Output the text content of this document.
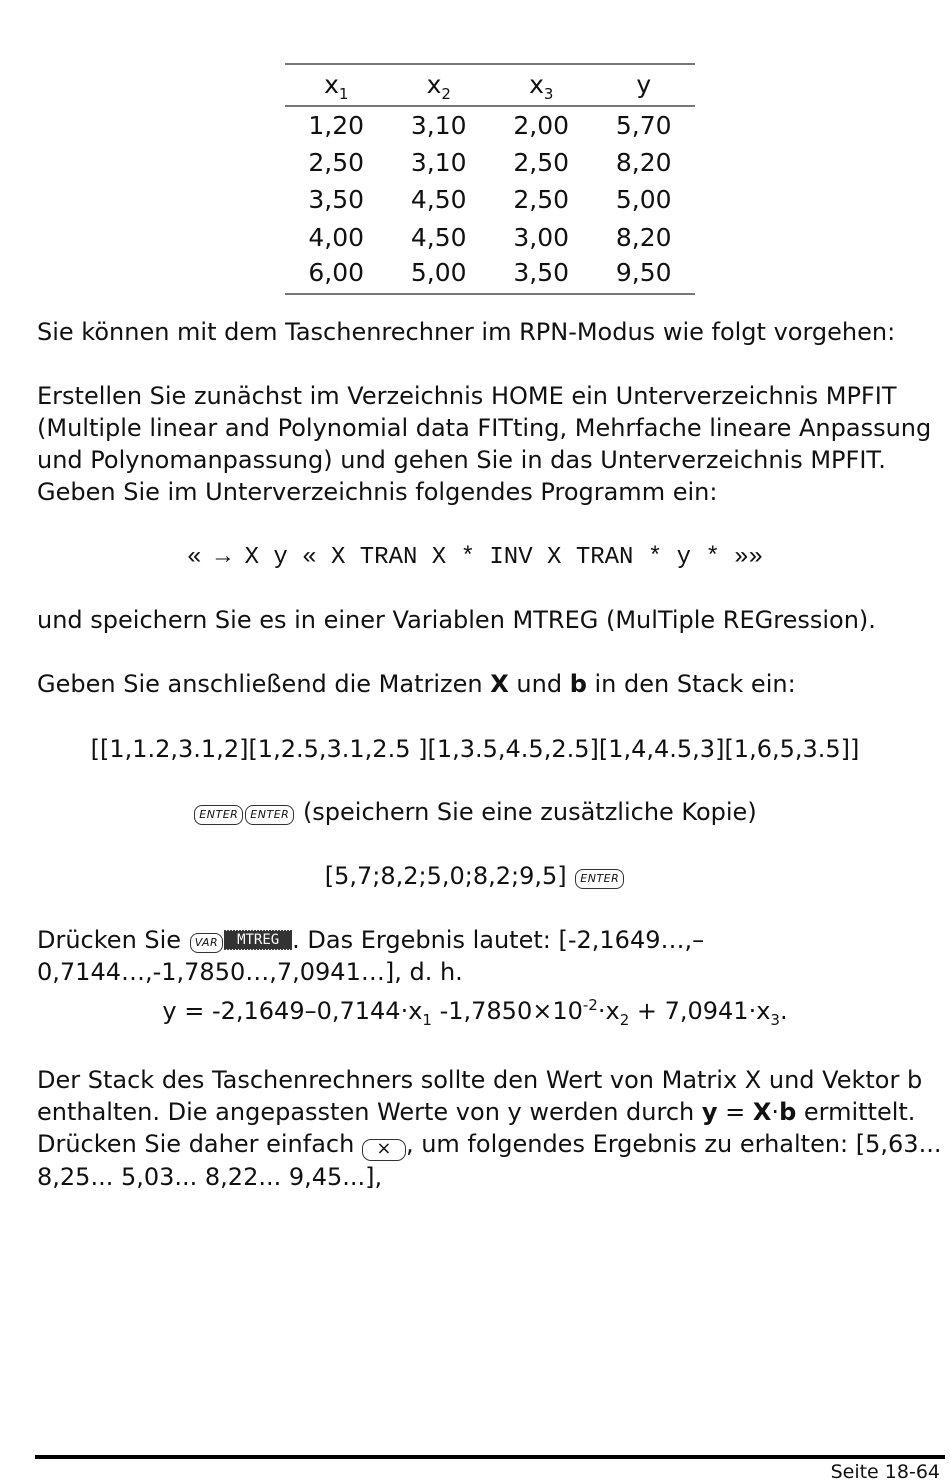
$x_1$	$x_2$	$x_3$	y
1,20	3,10	2,00	5,70
2,50	3,10	2,50	8,20
3,50	4,50	2,50	5,00
4,00	4,50	3,00	8,20
6,00	5,00	3,50	9,50

Sie können mit dem Taschenrechner im RPN-Modus wie folgt vorgehen:

Erstellen Sie zunächst im Verzeichnis HOME ein Unterverzeichnis MPFIT (Multiple linear and Polynomial data FITting, Mehrfache lineare Anpassung und Polynomanpassung) und gehen Sie in das Unterverzeichnis MPFIT. Geben Sie im Unterverzeichnis folgendes Programm ein:

« → X y « X TRAN X * INV X TRAN * y * »»

und speichern Sie es in einer Variablen MTREG (MulTiple REGression).

Geben Sie anschließend die Matrizen X und b in den Stack ein:

[[1,1.2,3.1,2][1,2.5,3.1,2.5 ][1,3.5,4.5,2.5][1,4,4.5,3][1,6,5,3.5]]

ENTER ENTER (speichern Sie eine zusätzliche Kopie)

[5,7;8,2;5,0;8,2;9,5] ENTER

Drücken Sie VAR	MTREG . Das Ergebnis lautet: [-2,1649…,–0,7144…,-1,7850…,7,0941…], d. h.

$y = -2,1649-0,7144\cdot x_1$ $-1,7850\times 10^{-2}\cdot x_2 + 7,0941\cdot x_3$.

Der Stack des Taschenrechners sollte den Wert von Matrix X und Vektor b enthalten. Die angepassten Werte von y werden durch y = X·b ermittelt. Drücken Sie daher einfach × , um folgendes Ergebnis zu erhalten: [5,63... 8,25... 5,03... 8,22... 9,45...],

Seite 18-64
